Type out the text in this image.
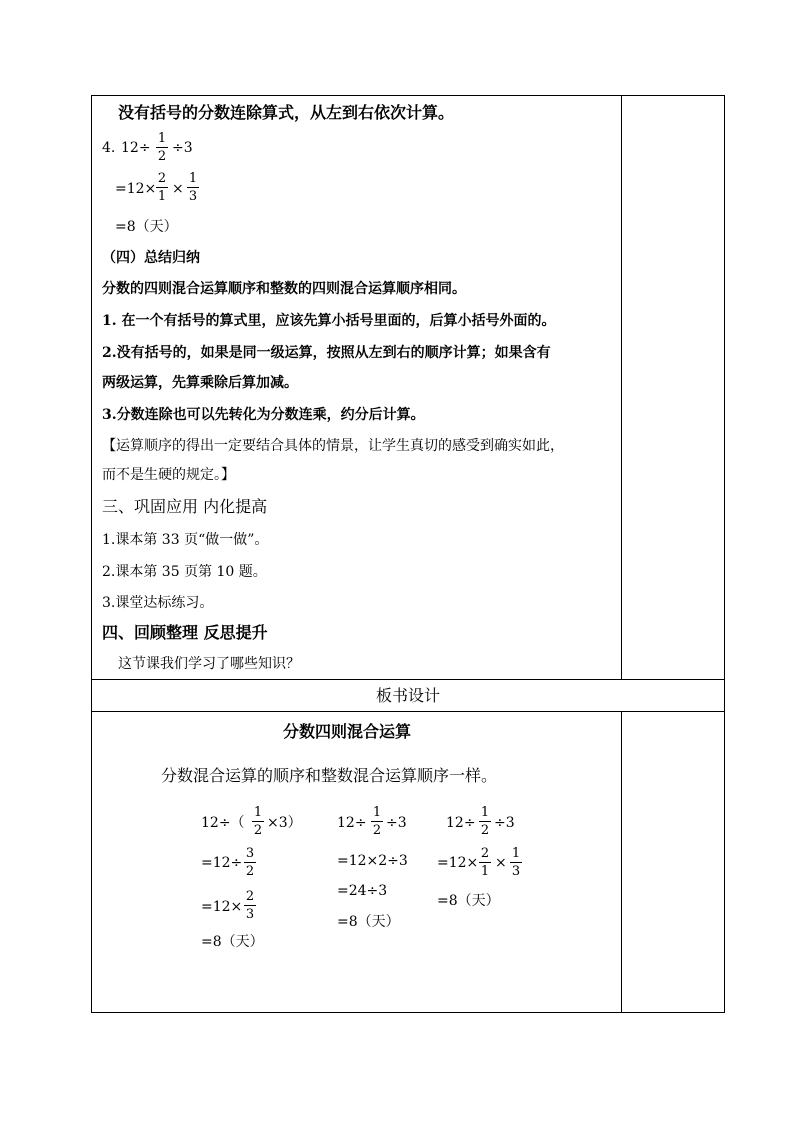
没有括号的分数连除算式，从左到右依次计算。
4. 12÷
1
2
÷3
=12×
2
1 ×
1
3
=8（天）
（四）总结归纳
分数的四则混合运算顺序和整数的四则混合运算顺序相同。
1. 在一个有括号的算式里，应该先算小括号里面的，后算小括号外面的。
2.没有括号的，如果是同一级运算，按照从左到右的顺序计算；如果含有
两级运算，先算乘除后算加减。
3.分数连除也可以先转化为分数连乘，约分后计算。
【运算顺序的得出一定要结合具体的情景，让学生真切的感受到确实如此，
而不是生硬的规定。】
三、巩固应用 内化提高
1.课本第 33 页“做一做”。
2.课本第 35 页第 10 题。
3.课堂达标练习。
四、回顾整理 反思提升
这节课我们学习了哪些知识？
板书设计
分数四则混合运算
分数混合运算的顺序和整数混合运算顺序一样。
12÷（
1
2 ×3）
=12÷
3
2
=12×
2
3
=8（天）
12÷
1
2 ÷3
=12×2÷3
=24÷3
=8（天）
12÷
1
2 ÷3
=12×
2
1
×
1
3
=8（天）
